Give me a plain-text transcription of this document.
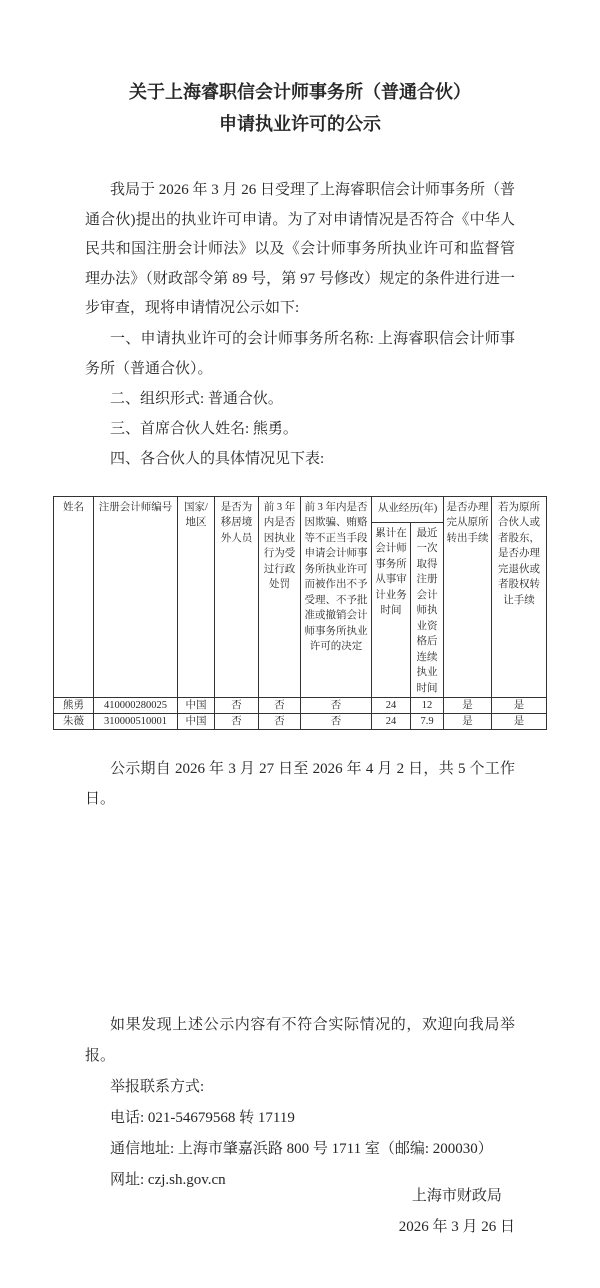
关于上海睿职信会计师事务所（普通合伙）
申请执业许可的公示

我局于 2026 年 3 月 26 日受理了上海睿职信会计师事务所（普通合伙)提出的执业许可申请。为了对申请情况是否符合《中华人民共和国注册会计师法》以及《会计师事务所执业许可和监督管理办法》（财政部令第 89 号，第 97 号修改）规定的条件进行进一步审查，现将申请情况公示如下:

一、申请执业许可的会计师事务所名称: 上海睿职信会计师事务所（普通合伙）。

二、组织形式: 普通合伙。

三、首席合伙人姓名: 熊勇。

四、各合伙人的具体情况见下表:

姓名	注册会计师编号	国家/地区	是否为移居境外人员	前 3 年内是否因执业行为受过行政处罚	前 3 年内是否因欺骗、贿赂等不正当手段申请会计师事务所执业许可而被作出不予受理、不予批准或撤销会计师事务所执业许可的决定	从业经历(年)		是否办理完从原所转出手续	若为原所合伙人或者股东，是否办理完退伙或者股权转让手续
						累计在会计师事务所从事审计业务时间	最近一次取得注册会计师执业资格后连续执业时间		
熊勇	410000280025	中国	否	否	否	24	12	是	是
朱薇	310000510001	中国	否	否	否	24	7.9	是	是

公示期自 2026 年 3 月 27 日至 2026 年 4 月 2 日，共 5 个工作日。

如果发现上述公示内容有不符合实际情况的，欢迎向我局举报。

举报联系方式:

电话: 021-54679568 转 17119

通信地址: 上海市肇嘉浜路 800 号 1711 室（邮编: 200030）

网址: czj.sh.gov.cn

上海市财政局
2026 年 3 月 26 日
